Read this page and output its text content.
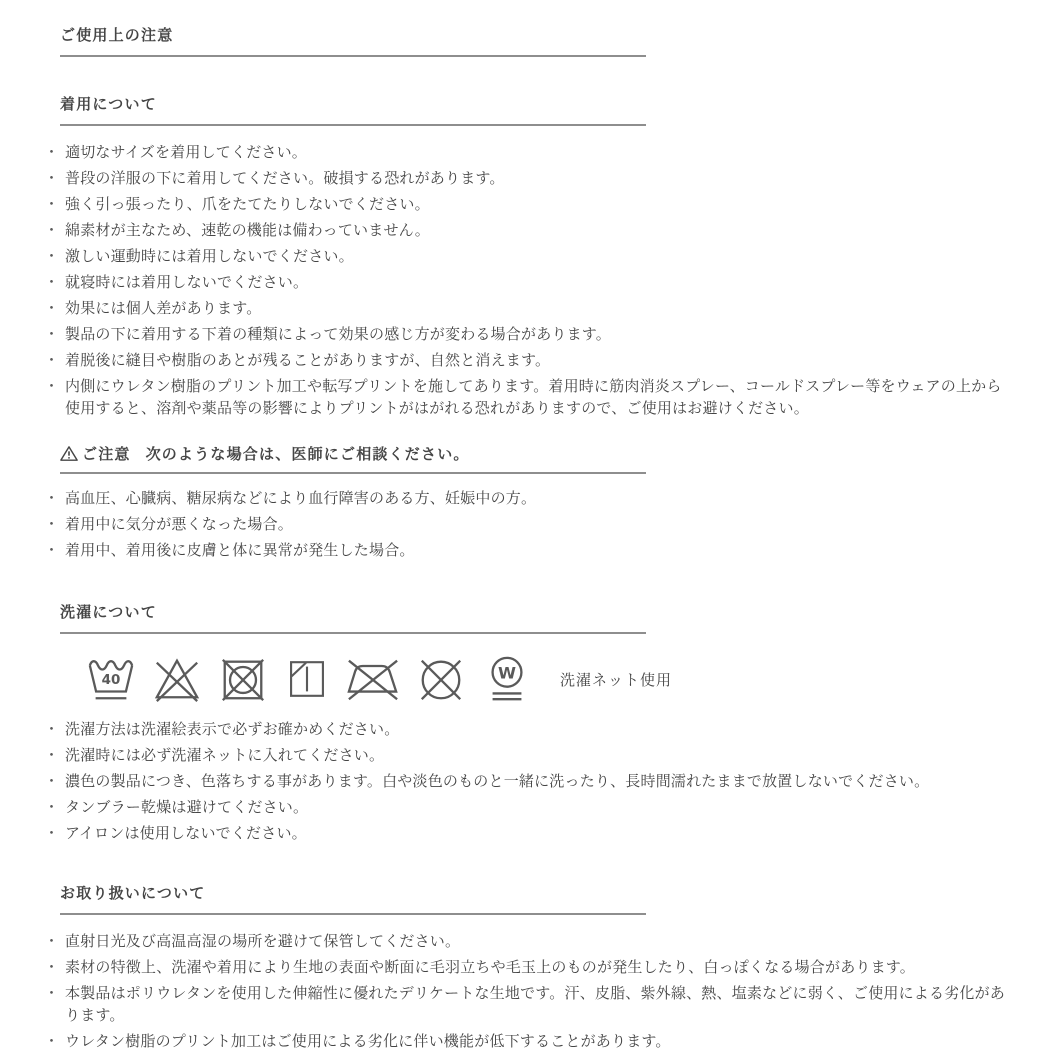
ご使用上の注意
着用について
・ 適切なサイズを着用してください。
・ 普段の洋服の下に着用してください。破損する恐れがあります。
・ 強く引っ張ったり、爪をたてたりしないでください。
・ 綿素材が主なため、速乾の機能は備わっていません。
・ 激しい運動時には着用しないでください。
・ 就寝時には着用しないでください。
・ 効果には個人差があります。
・ 製品の下に着用する下着の種類によって効果の感じ方が変わる場合があります。
・ 着脱後に縫目や樹脂のあとが残ることがありますが、自然と消えます。
・ 内側にウレタン樹脂のプリント加工や転写プリントを施してあります。着用時に筋肉消炎スプレー、コールドスプレー等をウェアの上から使用すると、溶剤や薬品等の影響によりプリントがはがれる恐れがありますので、ご使用はお避けください。
ご注意 次のような場合は、医師にご相談ください。
・ 高血圧、心臓病、糖尿病などにより血行障害のある方、妊娠中の方。
・ 着用中に気分が悪くなった場合。
・ 着用中、着用後に皮膚と体に異常が発生した場合。
洗濯について
40	W	洗濯ネット使用
・ 洗濯方法は洗濯絵表示で必ずお確かめください。
・ 洗濯時には必ず洗濯ネットに入れてください。
・ 濃色の製品につき、色落ちする事があります。白や淡色のものと一緒に洗ったり、長時間濡れたままで放置しないでください。
・ タンブラー乾燥は避けてください。
・ アイロンは使用しないでください。
お取り扱いについて
・ 直射日光及び高温高湿の場所を避けて保管してください。
・ 素材の特徴上、洗濯や着用により生地の表面や断面に毛羽立ちや毛玉上のものが発生したり、白っぽくなる場合があります。
・ 本製品はポリウレタンを使用した伸縮性に優れたデリケートな生地です。汗、皮脂、紫外線、熱、塩素などに弱く、ご使用による劣化があります。
・ ウレタン樹脂のプリント加工はご使用による劣化に伴い機能が低下することがあります。
